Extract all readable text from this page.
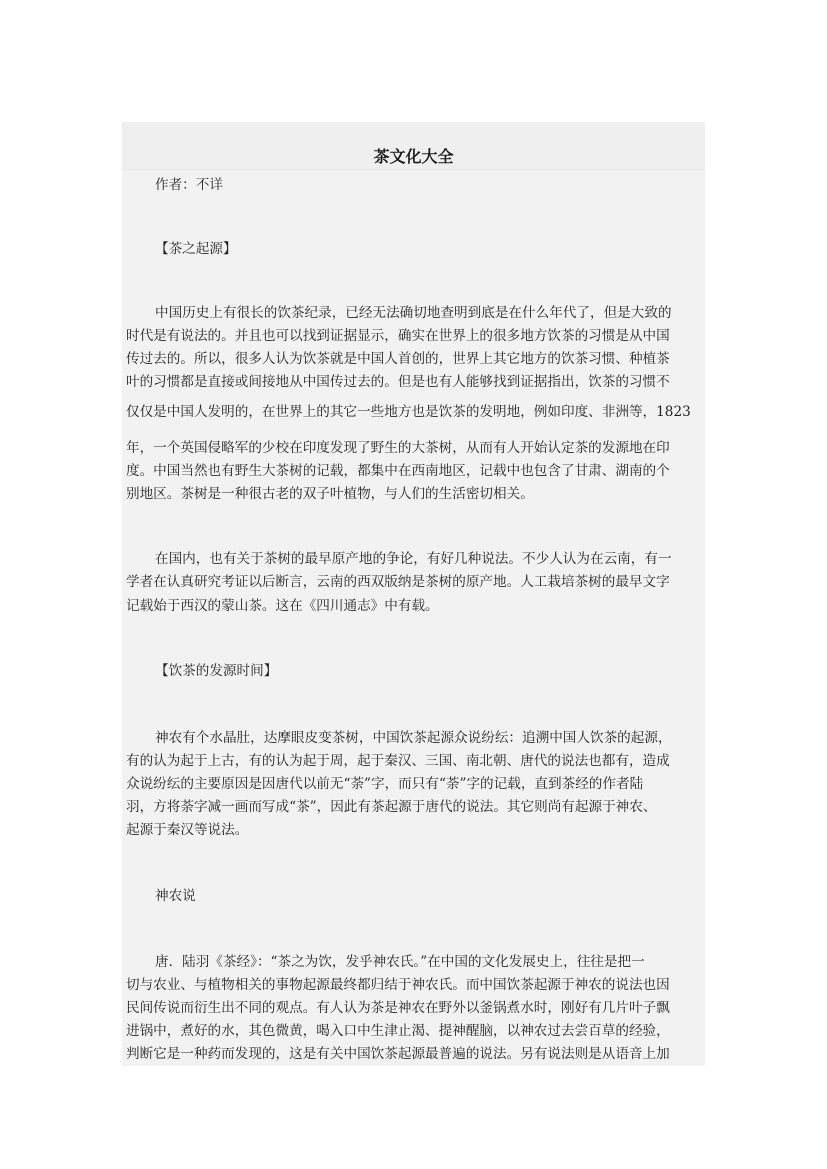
茶文化大全
作者：不详
【茶之起源】
中国历史上有很长的饮茶纪录，已经无法确切地查明到底是在什么年代了，但是大致的
时代是有说法的。并且也可以找到证据显示，确实在世界上的很多地方饮茶的习惯是从中国
传过去的。所以，很多人认为饮茶就是中国人首创的，世界上其它地方的饮茶习惯、种植茶
叶的习惯都是直接或间接地从中国传过去的。但是也有人能够找到证据指出，饮茶的习惯不
仅仅是中国人发明的，在世界上的其它一些地方也是饮茶的发明地，例如印度、非洲等，1823
年，一个英国侵略军的少校在印度发现了野生的大茶树，从而有人开始认定茶的发源地在印
度。中国当然也有野生大茶树的记载，都集中在西南地区，记载中也包含了甘肃、湖南的个
别地区。茶树是一种很古老的双子叶植物，与人们的生活密切相关。
在国内，也有关于茶树的最早原产地的争论，有好几种说法。不少人认为在云南，有一
学者在认真研究考证以后断言，云南的西双版纳是茶树的原产地。人工栽培茶树的最早文字
记载始于西汉的蒙山茶。这在《四川通志》中有载。
【饮茶的发源时间】
神农有个水晶肚，达摩眼皮变茶树，中国饮茶起源众说纷纭：追溯中国人饮茶的起源，
有的认为起于上古，有的认为起于周，起于秦汉、三国、南北朝、唐代的说法也都有，造成
众说纷纭的主要原因是因唐代以前无“荼”字，而只有“荼”字的记载，直到茶经的作者陆
羽，方将荼字减一画而写成“茶”，因此有茶起源于唐代的说法。其它则尚有起源于神农、
起源于秦汉等说法。
神农说
唐．陆羽《茶经》：“茶之为饮，发乎神农氏。”在中国的文化发展史上，往往是把一
切与农业、与植物相关的事物起源最终都归结于神农氏。而中国饮茶起源于神农的说法也因
民间传说而衍生出不同的观点。有人认为茶是神农在野外以釜锅煮水时，刚好有几片叶子飘
进锅中，煮好的水，其色微黄，喝入口中生津止渴、提神醒脑，以神农过去尝百草的经验，
判断它是一种药而发现的，这是有关中国饮茶起源最普遍的说法。另有说法则是从语音上加
